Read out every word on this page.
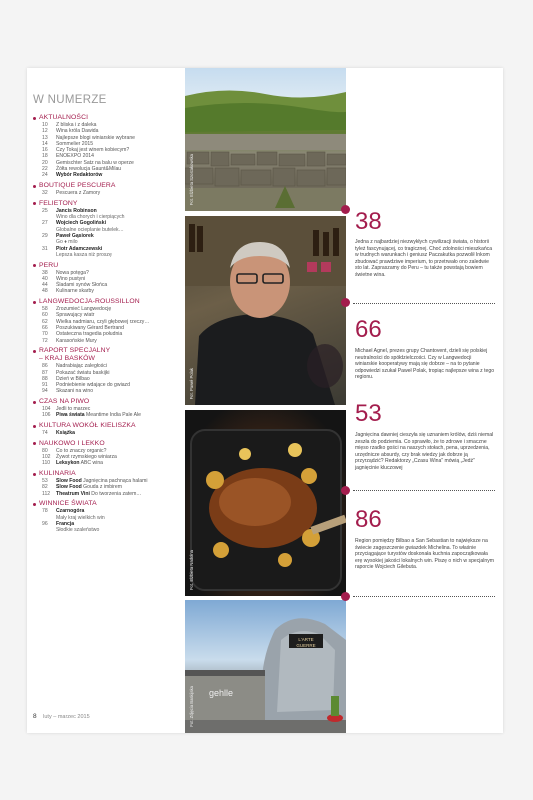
W NUMERZE
AKTUALNOŚCI
10	Z bliska i z daleka
12	Wina króla Dawida
13	Najlepsze blogi winiarskie wybrane
14	Sommelier 2015
16	Czy Tokaj jest winem kobiecym?
18	ENOEXPO 2014
20	Gemischter Satz na balu w operze
22	Żółta rewolucja Gaunt&Milau
24	Wybór Redaktorów
BOUTIQUE PESCUERA
32	Pescuera z Zamory
FELIETONY
25	Jancis Robinson
Wino dla chorych i cierpiących
27	Wojciech Gogoliński
Globalne ocieplanie butelek…
29	Paweł Gąsiorek
Go ♦ milo
31	Piotr Adamczewski
Lepsza kasza niż proszę
PERU
38	Nowa potęga?
40	Wino pustyni
44	Śladami synów Słońca
48	Kulinarne skarby
LANGWEDOCJA-ROUSSILLON
58	Zrozumieć Langwedocję
60	Sprawujący wiatr
62	Wielka nadmiaru, czyli głębowej rzeczy…
66	Poszukiwany Gérard Bertrand
70	Ostateczna tragedia południa
72	Karasońskie Mury
RAPORT SPECJALNY
– KRAJ BASKÓW
86	Nadrabiając zaległości
87	Pokazać światu baskijki
88	Dzień w Bilbao
91	Podniebienie wdające do gwiazd
94	Skazani na wino
CZAS NA PIWO
104	Jedli to marzec
106	Piwa świata Meantime India Pale Ale
KULTURA WOKÓŁ KIELISZKA
74	Książka
NAUKOWO I LEKKO
80	Co to znaczy organic?
102	Żywot rzymskiego winiarza
110	Leksykon ABC wina
KULINARIA
53	Slow Food Jagnięcina pachnąca halami
82	Slow Food Gouda z imbirem
112	Theatrum Vini Do tworzenia zatem…
WINNICE ŚWIATA
78	Czarnogóra
Mały kraj wielkich win
96	Francja
Słodkie szaleństwo
8 luty – marzec 2015
Fot. Elżbieta Szostakowska
Fot. Paweł Polak
Fot. Elżbieta Nadolna
L'ARTE
GUERRE
gehlle
Fot. Zdjęcia Baskijska
38
Jedna z najbardziej niezwykłych cywilizacji świata, o historii tyleż fascynującej, co tragicznej. Choć zdolności mieszkańca w trudnych warunkach i geniusz Paczakutka pozwolił Inkom zbudować prawdziwe imperium, to przetrwało ono zaledwie sto lat. Zapraszamy do Peru – tu także powstają bowiem świetne wina.
66
Michael Agnel, prezes grupy Chantovent, dzieli się polskiej neutralności do spółdzielczości. Czy w Langwedocji winiarskie kooperatywy mają się dobrze – na to pytanie odpowiedzi szukał Paweł Polak, tropiąc najlepsze wina z tego regionu.
53
Jagnięcina dawniej cieszyła się uznaniem królów, dziś niemal zeszła do podziemia. Co sprawiło, że to zdrowe i smaczne mięso rzadko gości na naszych stołach, pena, uprzedzenia, urzędnicze absurdy, czy brak wiedzy jak dobrze ją przyrządzić? Redaktorzy „Czasu Wina” mówią „Jedź” jagnięcinie kluczowej
86
Region pomiędzy Bilbao a San Sebastian to największe na świecie zagęszczenie gwiazdek Michelina. To właśnie przyciągające turystów doskonała kuchnia zapoczątkowała erę wysokiej jakości lokalnych win. Piszę o nich w specjalnym raporcie Wojciech Gilebuta.
